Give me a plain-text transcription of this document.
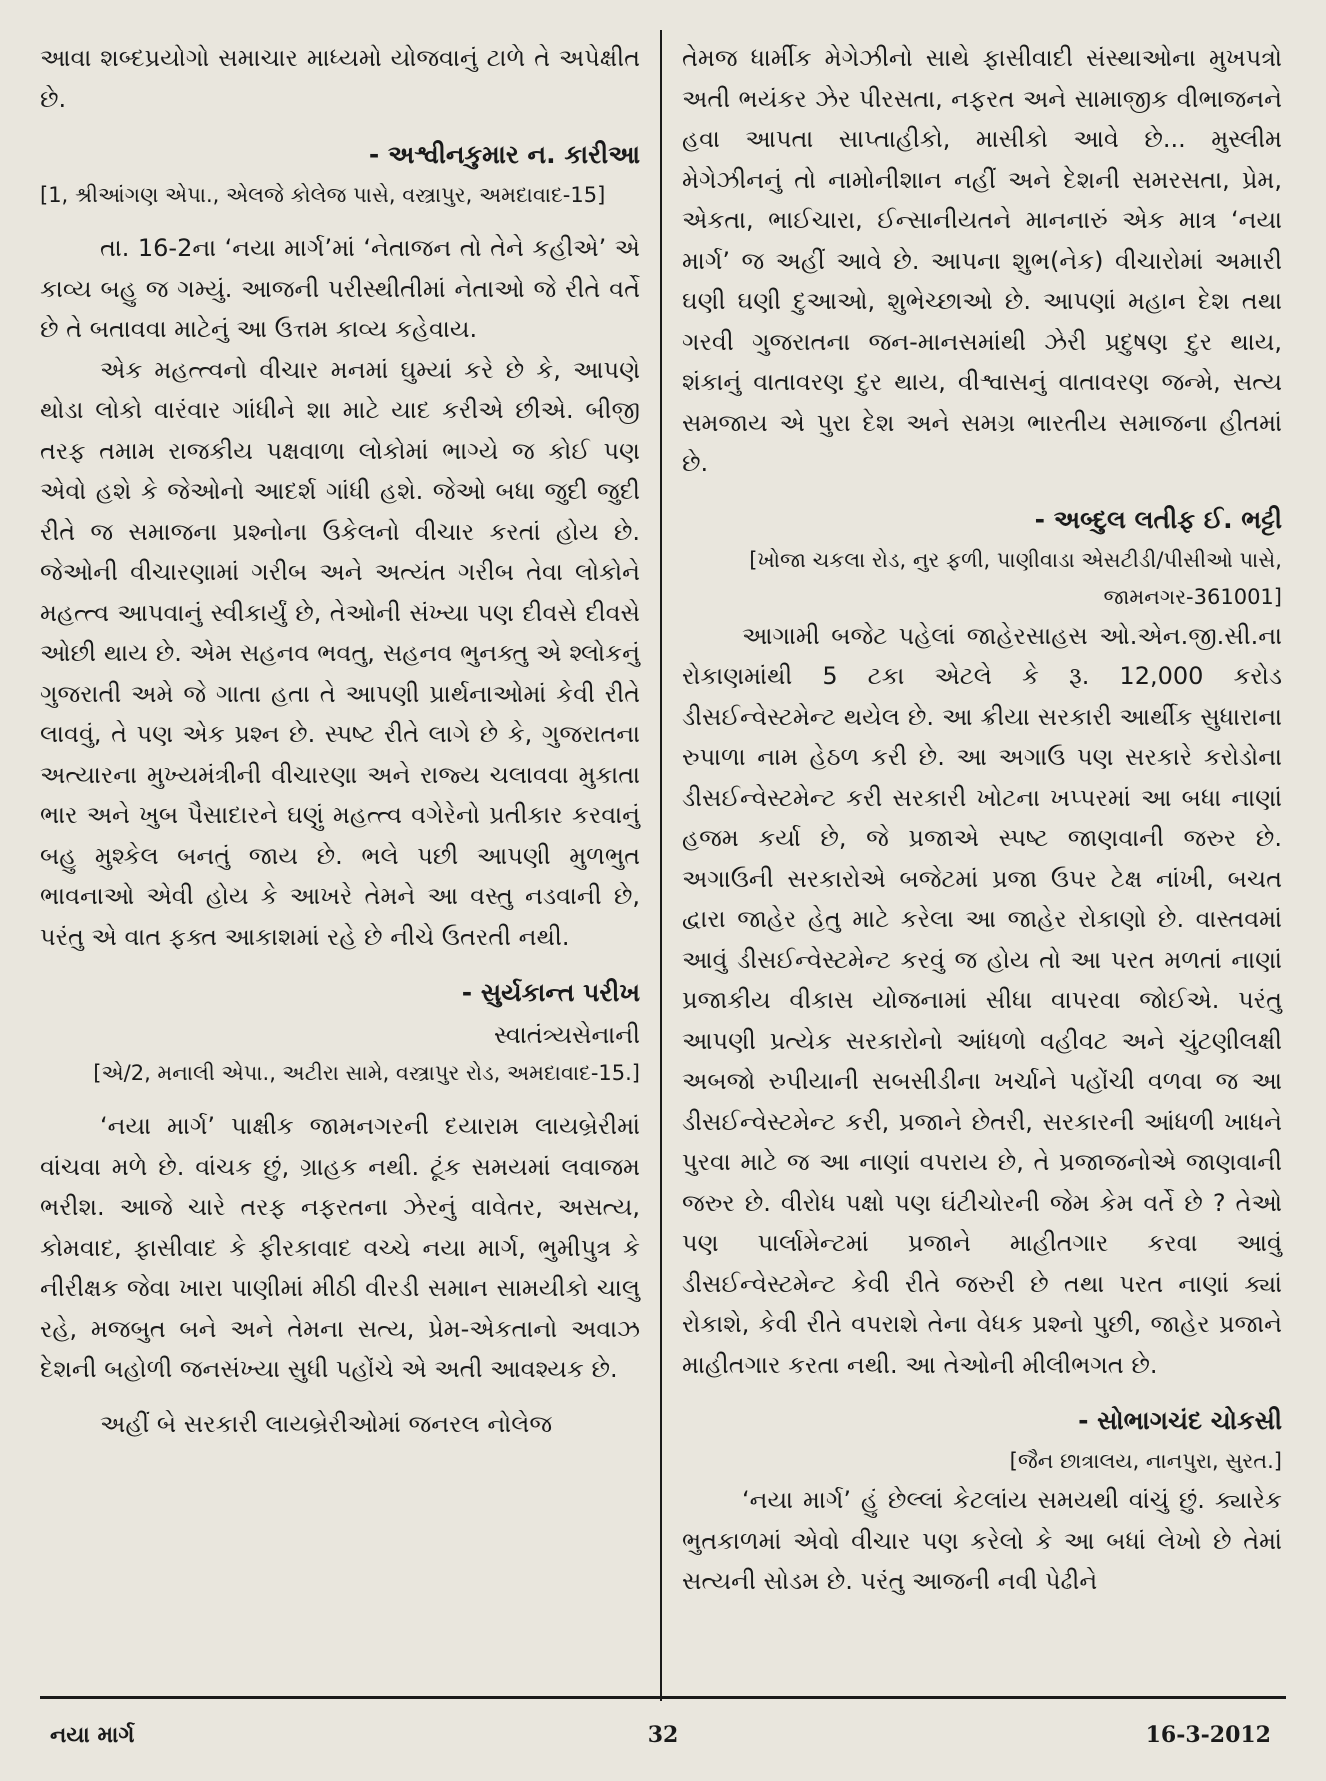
આવા શબ્દપ્રયોગો સમાચાર માધ્યમો યોજવાનું ટાળે તે અપેક્ષીત છે.

- અશ્વીનકુમાર ન. કારીઆ
[1, શ્રીઆંગણ એપા., એલજે કોલેજ પાસે, વસ્ત્રાપુર, અમદાવાદ-15]

તા. 16-2ના ‘નયા માર્ગ’માં ‘નેતાજન તો તેને કહીએ’ એ કાવ્ય બહુ જ ગમ્યું. આજની પરીસ્થીતીમાં નેતાઓ જે રીતે વર્તે છે તે બતાવવા માટેનું આ ઉત્તમ કાવ્ય કહેવાય.

એક મહત્ત્વનો વીચાર મનમાં ઘુમ્યાં કરે છે કે, આપણે થોડા લોકો વારંવાર ગાંધીને શા માટે યાદ કરીએ છીએ. બીજી તરફ તમામ રાજકીય પક્ષવાળા લોકોમાં ભાગ્યે જ કોઈ પણ એવો હશે કે જેઓનો આદર્શ ગાંધી હશે. જેઓ બધા જુદી જુદી રીતે જ સમાજના પ્રશ્નોના ઉકેલનો વીચાર કરતાં હોય છે. જેઓની વીચારણામાં ગરીબ અને અત્યંત ગરીબ તેવા લોકોને મહત્ત્વ આપવાનું સ્વીકાર્યું છે, તેઓની સંખ્યા પણ દીવસે દીવસે ઓછી થાય છે. એમ સહનવ ભવતુ, સહનવ ભુનક્તુ એ શ્લોકનું ગુજરાતી અમે જે ગાતા હતા તે આપણી પ્રાર્થનાઓમાં કેવી રીતે લાવવું, તે પણ એક પ્રશ્ન છે. સ્પષ્ટ રીતે લાગે છે કે, ગુજરાતના અત્યારના મુખ્યમંત્રીની વીચારણા અને રાજ્ય ચલાવવા મુકાતા ભાર અને ખુબ પૈસાદારને ઘણું મહત્ત્વ વગેરેનો પ્રતીકાર કરવાનું બહુ મુશ્કેલ બનતું જાય છે. ભલે પછી આપણી મુળભુત ભાવનાઓ એવી હોય કે આખરે તેમને આ વસ્તુ નડવાની છે, પરંતુ એ વાત ફક્ત આકાશમાં રહે છે નીચે ઉતરતી નથી.

- સુર્યકાન્ત પરીખ
સ્વાતંત્ર્યસેનાની
[એ/2, મનાલી એપા., અટીરા સામે, વસ્ત્રાપુર રોડ, અમદાવાદ-15.]

‘નયા માર્ગ’ પાક્ષીક જામનગરની દયારામ લાયબ્રેરીમાં વાંચવા મળે છે. વાંચક છું, ગ્રાહક નથી. ટૂંક સમયમાં લવાજમ ભરીશ. આજે ચારે તરફ નફરતના ઝેરનું વાવેતર, અસત્ય, કોમવાદ, ફાસીવાદ કે ફીરકાવાદ વચ્ચે નયા માર્ગ, ભુમીપુત્ર કે નીરીક્ષક જેવા ખારા પાણીમાં મીઠી વીરડી સમાન સામયીકો ચાલુ રહે, મજબુત બને અને તેમના સત્ય, પ્રેમ-એકતાનો અવાઝ દેશની બહોળી જનસંખ્યા સુધી પહોંચે એ અતી આવશ્યક છે.

અહીં બે સરકારી લાયબ્રેરીઓમાં જનરલ નોલેજ

તેમજ ધાર્મીક મેગેઝીનો સાથે ફાસીવાદી સંસ્થાઓના મુખપત્રો અતી ભયંકર ઝેર પીરસતા, નફરત અને સામાજીક વીભાજનને હવા આપતા સાપ્તાહીકો, માસીકો આવે છે... મુસ્લીમ મેગેઝીનનું તો નામોનીશાન નહીં અને દેશની સમરસતા, પ્રેમ, એકતા, ભાઈચારા, ઈન્સાનીયતને માનનારું એક માત્ર ‘નયા માર્ગ’ જ અહીં આવે છે. આપના શુભ(નેક) વીચારોમાં અમારી ઘણી ઘણી દુઆઓ, શુભેચ્છાઓ છે. આપણાં મહાન દેશ તથા ગરવી ગુજરાતના જન-માનસમાંથી ઝેરી પ્રદુષણ દુર થાય, શંકાનું વાતાવરણ દુર થાય, વીશ્વાસનું વાતાવરણ જન્મે, સત્ય સમજાય એ પુરા દેશ અને સમગ્ર ભારતીય સમાજના હીતમાં છે.

- અબ્દુલ લતીફ ઈ. ભટ્ટી
[ખોજા ચકલા રોડ, નુર ફળી, પાણીવાડા એસટીડી/પીસીઓ પાસે, જામનગર-361001]

આગામી બજેટ પહેલાં જાહેરસાહસ ઓ.એન.જી.સી.ના રોકાણમાંથી 5 ટકા એટલે કે રૂ. 12,000 કરોડ ડીસઈન્વેસ્ટમેન્ટ થયેલ છે. આ ક્રીયા સરકારી આર્થીક સુધારાના રુપાળા નામ હેઠળ કરી છે. આ અગાઉ પણ સરકારે કરોડોના ડીસઈન્વેસ્ટમેન્ટ કરી સરકારી ખોટના ખપ્પરમાં આ બધા નાણાં હજમ કર્યા છે, જે પ્રજાએ સ્પષ્ટ જાણવાની જરુર છે. અગાઉની સરકારોએ બજેટમાં પ્રજા ઉપર ટેક્ષ નાંખી, બચત દ્વારા જાહેર હેતુ માટે કરેલા આ જાહેર રોકાણો છે. વાસ્તવમાં આવું ડીસઈન્વેસ્ટમેન્ટ કરવું જ હોય તો આ પરત મળતાં નાણાં પ્રજાકીય વીકાસ યોજનામાં સીધા વાપરવા જોઈએ. પરંતુ આપણી પ્રત્યેક સરકારોનો આંધળો વહીવટ અને ચુંટણીલક્ષી અબજો રુપીયાની સબસીડીના ખર્ચાને પહોંચી વળવા જ આ ડીસઈન્વેસ્ટમેન્ટ કરી, પ્રજાને છેતરી, સરકારની આંધળી ખાધને પુરવા માટે જ આ નાણાં વપરાય છે, તે પ્રજાજનોએ જાણવાની જરુર છે. વીરોધ પક્ષો પણ ઘંટીચોરની જેમ કેમ વર્તે છે ? તેઓ પણ પાર્લામેન્ટમાં પ્રજાને માહીતગાર કરવા આવું ડીસઈન્વેસ્ટમેન્ટ કેવી રીતે જરુરી છે તથા પરત નાણાં ક્યાં રોકાશે, કેવી રીતે વપરાશે તેના વેધક પ્રશ્નો પુછી, જાહેર પ્રજાને માહીતગાર કરતા નથી. આ તેઓની મીલીભગત છે.

- સોભાગચંદ ચોકસી
[જૈન છાત્રાલય, નાનપુરા, સુરત.]

‘નયા માર્ગ’ હું છેલ્લાં કેટલાંય સમયથી વાંચું છું. ક્યારેક ભુતકાળમાં એવો વીચાર પણ કરેલો કે આ બધાં લેખો છે તેમાં સત્યની સોડમ છે. પરંતુ આજની નવી પેઢીને

નયા માર્ગ	32	16-3-2012
